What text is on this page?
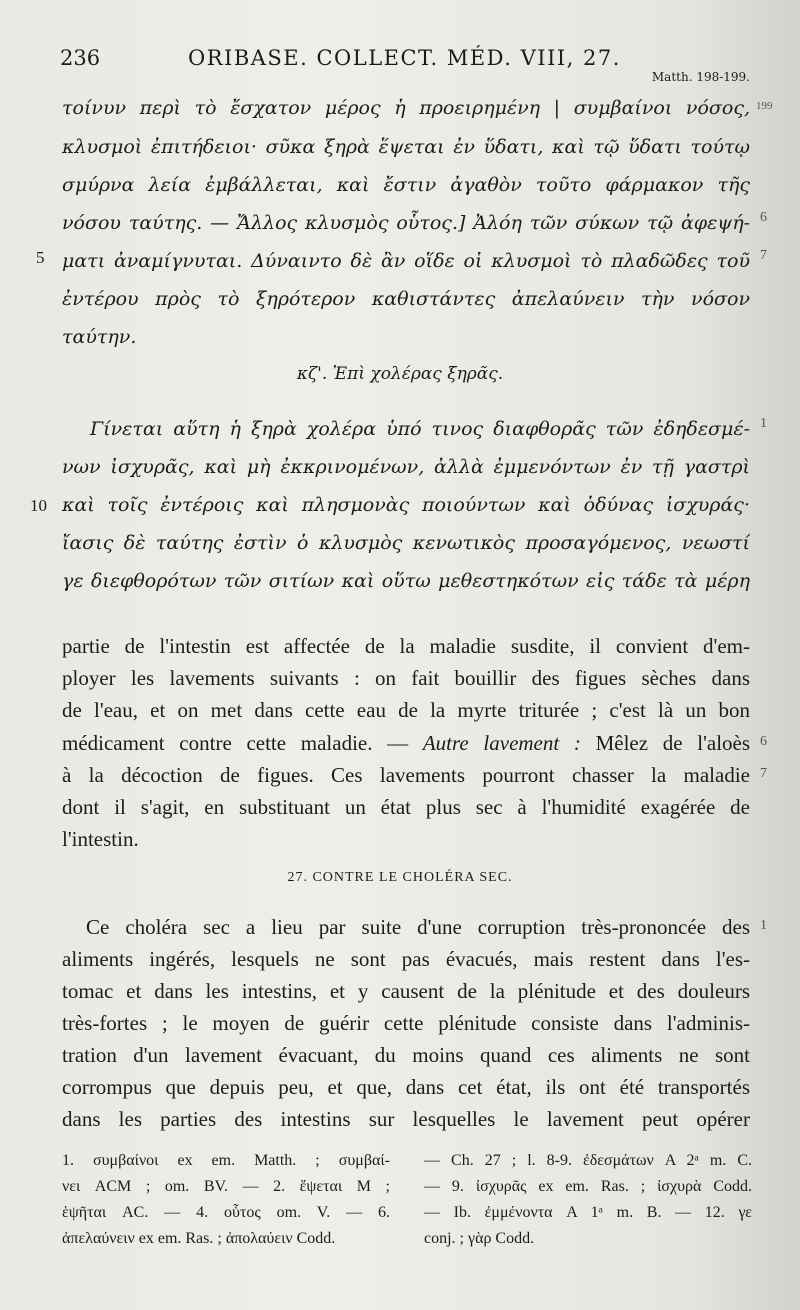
236	ORIBASE. COLLECT. MÉD. VIII, 27.
Matth. 198-199.
τοίνυν περὶ τὸ ἔσχατον μέρος ἡ προειρημένη | συμβαίνοι νόσος, 199
κλυσμοὶ ἐπιτήδειοι· σῦκα ξηρὰ ἕψεται ἐν ὕδατι, καὶ τῷ ὕδατι τούτῳ
σμύρνα λεία ἐμβάλλεται, καὶ ἔστιν ἀγαθὸν τοῦτο φάρμακον τῆς
νόσου ταύτης. — Ἄλλος κλυσμὸς οὗτος.] Ἀλόη τῶν σύκων τῷ ἀφεψή- 6
5 ματι ἀναμίγνυται. Δύναιντο δὲ ἂν οἵδε οἱ κλυσμοὶ τὸ πλαδῶδες τοῦ 7
ἐντέρου πρὸς τὸ ξηρότερον καθιστάντες ἀπελαύνειν τὴν νόσον
ταύτην.
κζ'. Ἐπὶ χολέρας ξηρᾶς.
Γίνεται αὕτη ἡ ξηρὰ χολέρα ὑπό τινος διαφθορᾶς τῶν ἐδηδεσμέ- 1
νων ἰσχυρᾶς, καὶ μὴ ἐκκρινομένων, ἀλλὰ ἐμμενόντων ἐν τῇ γαστρὶ
10 καὶ τοῖς ἐντέροις καὶ πλησμονὰς ποιούντων καὶ ὀδύνας ἰσχυράς·
ἴασις δὲ ταύτης ἐστὶν ὁ κλυσμὸς κενωτικὸς προσαγόμενος, νεωστί
γε διεφθορότων τῶν σιτίων καὶ οὕτω μεθεστηκότων εἰς τάδε τὰ μέρη
partie de l'intestin est affectée de la maladie susdite, il convient d'em-
ployer les lavements suivants : on fait bouillir des figues sèches dans
de l'eau, et on met dans cette eau de la myrte triturée ; c'est là un bon
médicament contre cette maladie. — Autre lavement : Mêlez de l'aloès 6
à la décoction de figues. Ces lavements pourront chasser la maladie 7
dont il s'agit, en substituant un état plus sec à l'humidité exagérée de
l'intestin.
27. CONTRE LE CHOLÉRA SEC.
Ce choléra sec a lieu par suite d'une corruption très-prononcée des 1
aliments ingérés, lesquels ne sont pas évacués, mais restent dans l'es-
tomac et dans les intestins, et y causent de la plénitude et des douleurs
très-fortes ; le moyen de guérir cette plénitude consiste dans l'adminis-
tration d'un lavement évacuant, du moins quand ces aliments ne sont
corrompus que depuis peu, et que, dans cet état, ils ont été transportés
dans les parties des intestins sur lesquelles le lavement peut opérer
1. συμβαίνοι ex em. Matth. ; συμβαί-
νει ACM ; om. BV. — 2. ἕψεται M ;
ἑψῆται AC. — 4. οὗτος om. V. — 6.
ἀπελαύνειν ex em. Ras. ; ἀπολαύειν Codd.
— Ch. 27 ; l. 8-9. ἐδεσμάτων A 2ᵃ m. C.
— 9. ἰσχυρᾶς ex em. Ras. ; ἰσχυρὰ Codd.
— Ib. ἐμμένοντα A 1ᵃ m. B. — 12. γε
conj. ; γὰρ Codd.
